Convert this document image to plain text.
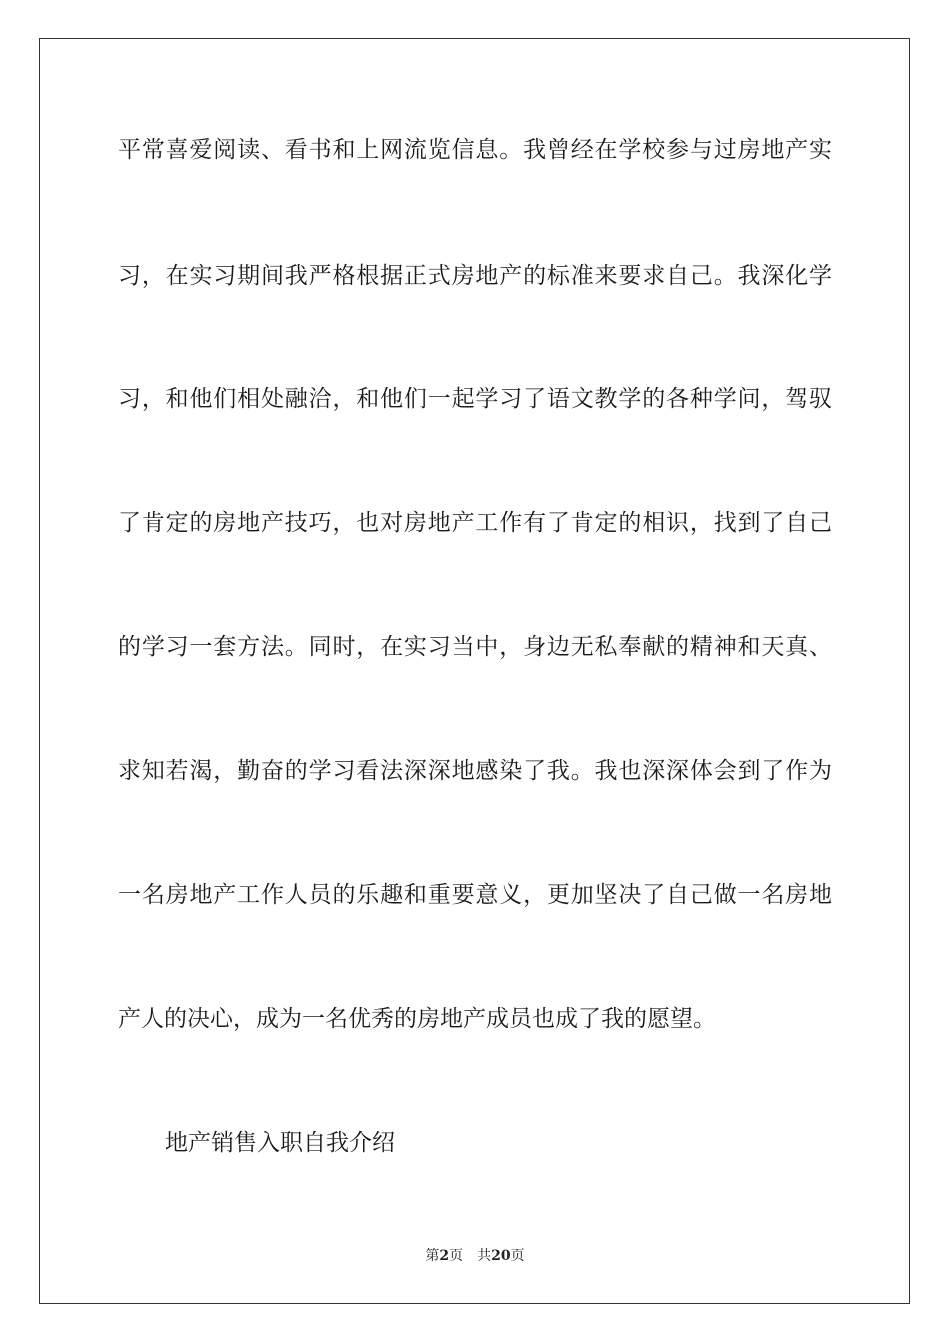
平常喜爱阅读、看书和上网流览信息。我曾经在学校参与过房地产实
习，在实习期间我严格根据正式房地产的标准来要求自己。我深化学
习，和他们相处融洽，和他们一起学习了语文教学的各种学问，驾驭
了肯定的房地产技巧，也对房地产工作有了肯定的相识，找到了自己
的学习一套方法。同时，在实习当中，身边无私奉献的精神和天真、
求知若渴，勤奋的学习看法深深地感染了我。我也深深体会到了作为
一名房地产工作人员的乐趣和重要意义，更加坚决了自己做一名房地
产人的决心，成为一名优秀的房地产成员也成了我的愿望。
地产销售入职自我介绍
第2页 共20页
